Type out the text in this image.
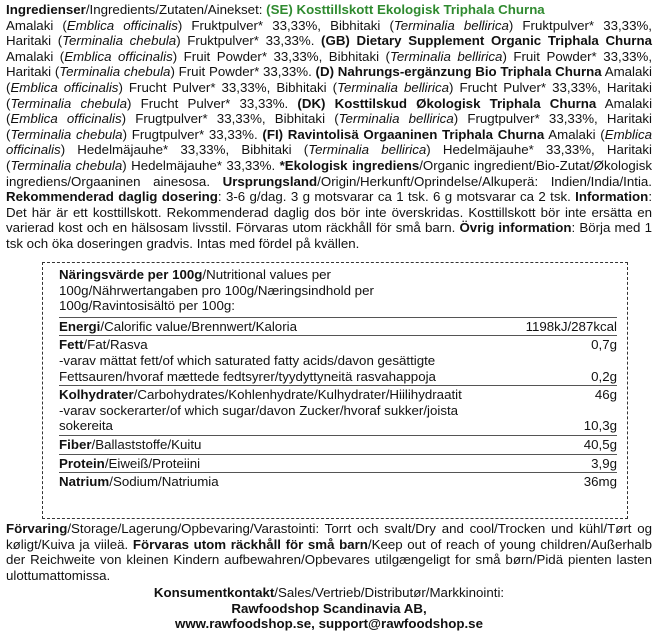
Ingredienser/Ingredients/Zutaten/Ainekset: (SE) Kosttillskott Ekologisk Triphala Churna
Amalaki (Emblica officinalis) Fruktpulver* 33,33%, Bibhitaki (Terminalia bellirica) Fruktpulver* 33,33%, Haritaki (Terminalia chebula) Fruktpulver* 33,33%. (GB) Dietary Supplement Organic Triphala Churna Amalaki (Emblica officinalis) Fruit Powder* 33,33%, Bibhitaki (Terminalia bellirica) Fruit Powder* 33,33%, Haritaki (Terminalia chebula) Fruit Powder* 33,33%. (D) Nahrungs-ergänzung Bio Triphala Churna Amalaki (Emblica officinalis) Frucht Pulver* 33,33%, Bibhitaki (Terminalia bellirica) Frucht Pulver* 33,33%, Haritaki (Terminalia chebula) Frucht Pulver* 33,33%. (DK) Kosttilskud Økologisk Triphala Churna Amalaki (Emblica officinalis) Frugtpulver* 33,33%, Bibhitaki (Terminalia bellirica) Frugtpulver* 33,33%, Haritaki (Terminalia chebula) Frugtpulver* 33,33%. (FI) Ravintolisä Orgaaninen Triphala Churna Amalaki (Emblica officinalis) Hedelmäjauhe* 33,33%, Bibhitaki (Terminalia bellirica) Hedelmäjauhe* 33,33%, Haritaki (Terminalia chebula) Hedelmäjauhe* 33,33%. *Ekologisk ingrediens/Organic ingredient/Bio-Zutat/Økologisk ingrediens/Orgaaninen ainesosa. Ursprungsland/Origin/Herkunft/Oprindelse/Alkuperä: Indien/India/Intia. Rekommenderad daglig dosering: 3-6 g/dag. 3 g motsvarar ca 1 tsk. 6 g motsvarar ca 2 tsk. Information: Det här är ett kosttillskott. Rekommenderad daglig dos bör inte överskridas. Kosttillskott bör inte ersätta en varierad kost och en hälsosam livsstil. Förvaras utom räckhåll för små barn. Övrig information: Börja med 1 tsk och öka doseringen gradvis. Intas med fördel på kvällen.
Näringsvärde per 100g/Nutritional values per 100g/Nährwertangaben pro 100g/Næringsindhold per 100g/Ravintosisältö per 100g:
Energi/Calorific value/Brennwert/Kaloria	1198kJ/287kcal
Fett/Fat/Rasva	0,7g
-varav mättat fett/of which saturated fatty acids/davon gesättigte Fettsauren/hvoraf mættede fedtsyrer/tyydyttyneitä rasvahappoja	0,2g
Kolhydrater/Carbohydrates/Kohlenhydrate/Kulhydrater/Hiilihydraatit	46g
-varav sockerarter/of which sugar/davon Zucker/hvoraf sukker/joista sokereita	10,3g
Fiber/Ballaststoffe/Kuitu	40,5g
Protein/Eiweiß/Proteiini	3,9g
Natrium/Sodium/Natriumia	36mg
Förvaring/Storage/Lagerung/Opbevaring/Varastointi: Torrt och svalt/Dry and cool/Trocken und kühl/Tørt og køligt/Kuiva ja viileä. Förvaras utom räckhåll för små barn/Keep out of reach of young children/Außerhalb der Reichweite von kleinen Kindern aufbewahren/Opbevares utilgængeligt for små børn/Pidä pienten lasten ulottumattomissa.
Konsumentkontakt/Sales/Vertrieb/Distributør/Markkinointi:
Rawfoodshop Scandinavia AB,
www.rawfoodshop.se, support@rawfoodshop.se
